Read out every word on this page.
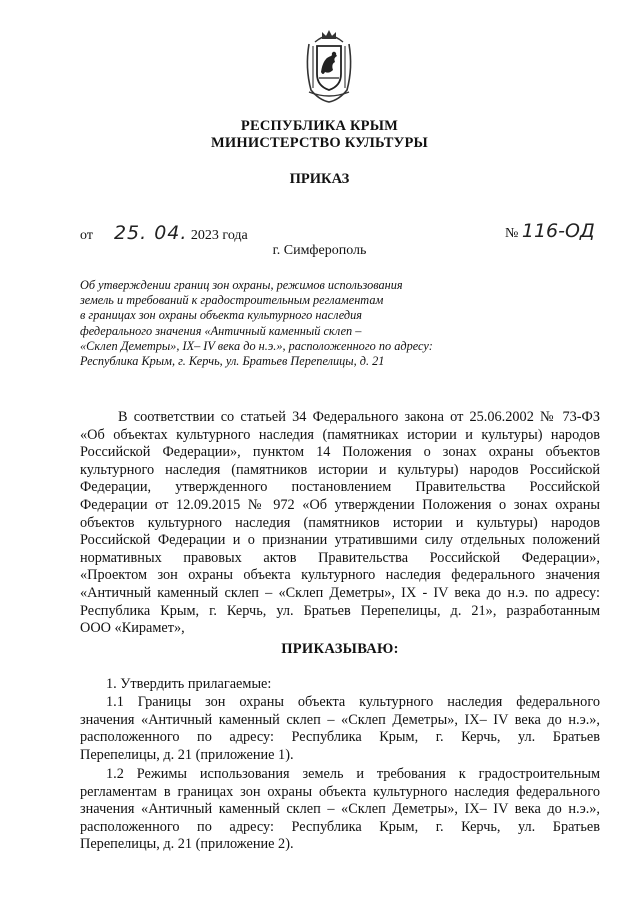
РЕСПУБЛИКА КРЫМ
МИНИСТЕРСТВО КУЛЬТУРЫ
ПРИКАЗ
от 25. 04. 2023 года	№ 116-ОД
г. Симферополь
Об утверждении границ зон охраны, режимов использования
земель и требований к градостроительным регламентам
в границах зон охраны объекта культурного наследия
федерального значения «Античный каменный склеп –
«Склеп Деметры», IX– IV века до н.э.», расположенного по адресу:
Республика Крым, г. Керчь, ул. Братьев Перепелицы, д. 21
В соответствии со статьей 34 Федерального закона от 25.06.2002 № 73-ФЗ
«Об объектах культурного наследия (памятниках истории и культуры) народов
Российской Федерации», пунктом 14 Положения о зонах охраны объектов
культурного наследия (памятников истории и культуры) народов Российской
Федерации, утвержденного постановлением Правительства Российской
Федерации от 12.09.2015 № 972 «Об утверждении Положения о зонах охраны
объектов культурного наследия (памятников истории и культуры) народов
Российской Федерации и о признании утратившими силу отдельных положений
нормативных правовых актов Правительства Российской Федерации»,
«Проектом зон охраны объекта культурного наследия федерального значения
«Античный каменный склеп – «Склеп Деметры», IX - IV века до н.э. по адресу:
Республика Крым, г. Керчь, ул. Братьев Перепелицы, д. 21», разработанным
ООО «Кирамет»,
ПРИКАЗЫВАЮ:
1. Утвердить прилагаемые:
1.1 Границы зон охраны объекта культурного наследия федерального
значения «Античный каменный склеп – «Склеп Деметры», IX– IV века до н.э.»,
расположенного по адресу: Республика Крым, г. Керчь, ул. Братьев
Перепелицы, д. 21 (приложение 1).
1.2 Режимы использования земель и требования к градостроительным
регламентам в границах зон охраны объекта культурного наследия федерального
значения «Античный каменный склеп – «Склеп Деметры», IX– IV века до н.э.»,
расположенного по адресу: Республика Крым, г. Керчь, ул. Братьев
Перепелицы, д. 21 (приложение 2).
